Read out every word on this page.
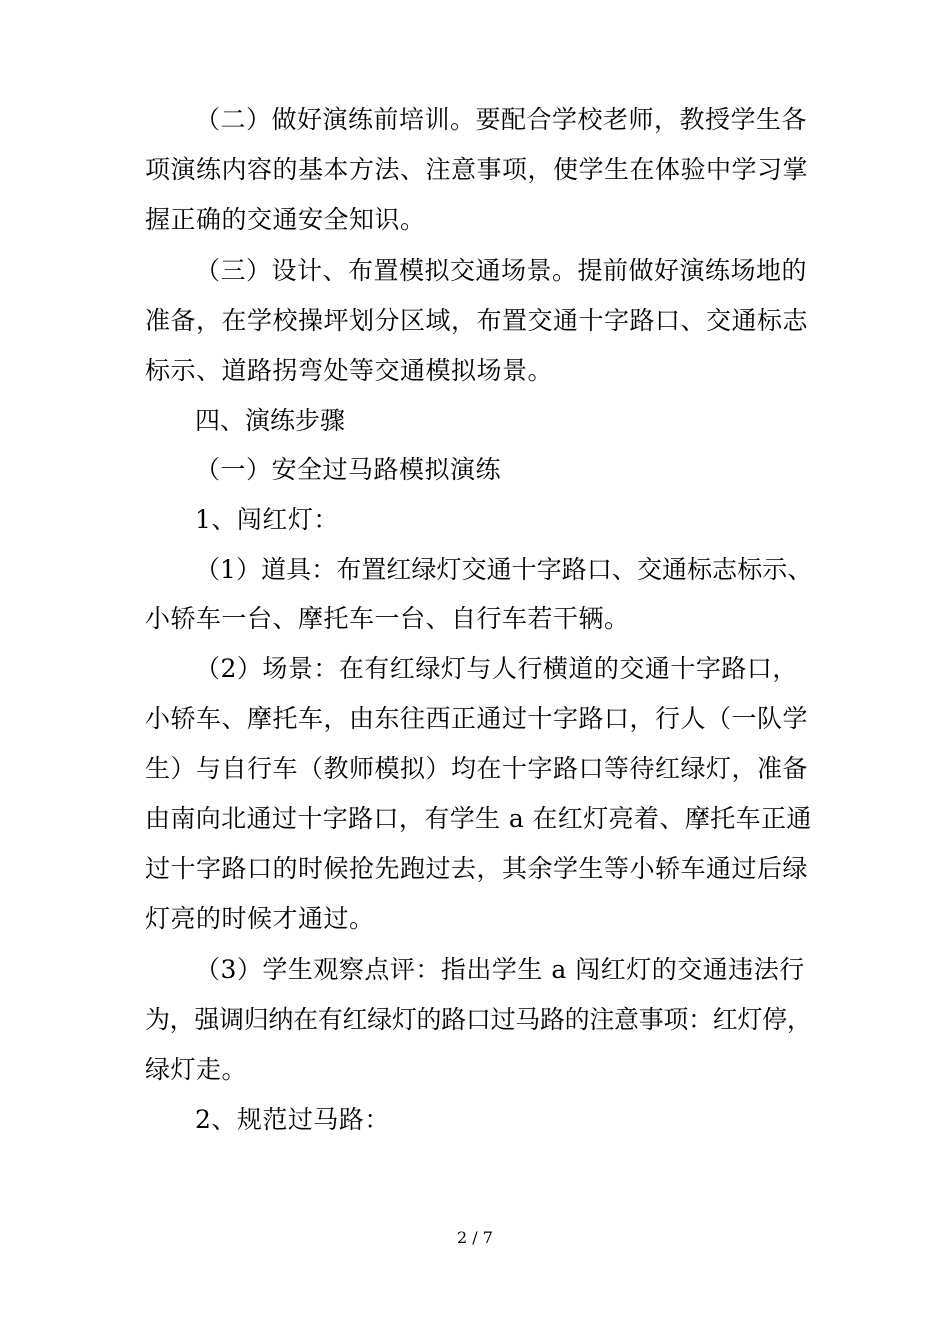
（二）做好演练前培训。要配合学校老师，教授学生各
项演练内容的基本方法、注意事项，使学生在体验中学习掌
握正确的交通安全知识。
（三）设计、布置模拟交通场景。提前做好演练场地的
准备，在学校操坪划分区域，布置交通十字路口、交通标志
标示、道路拐弯处等交通模拟场景。
四、演练步骤
（一）安全过马路模拟演练
1、闯红灯：
（1）道具：布置红绿灯交通十字路口、交通标志标示、
小轿车一台、摩托车一台、自行车若干辆。
（2）场景：在有红绿灯与人行横道的交通十字路口，
小轿车、摩托车，由东往西正通过十字路口，行人（一队学
生）与自行车（教师模拟）均在十字路口等待红绿灯，准备
由南向北通过十字路口，有学生 a 在红灯亮着、摩托车正通
过十字路口的时候抢先跑过去，其余学生等小轿车通过后绿
灯亮的时候才通过。
（3）学生观察点评：指出学生 a 闯红灯的交通违法行
为，强调归纳在有红绿灯的路口过马路的注意事项：红灯停，
绿灯走。
2、规范过马路：
2 / 7
